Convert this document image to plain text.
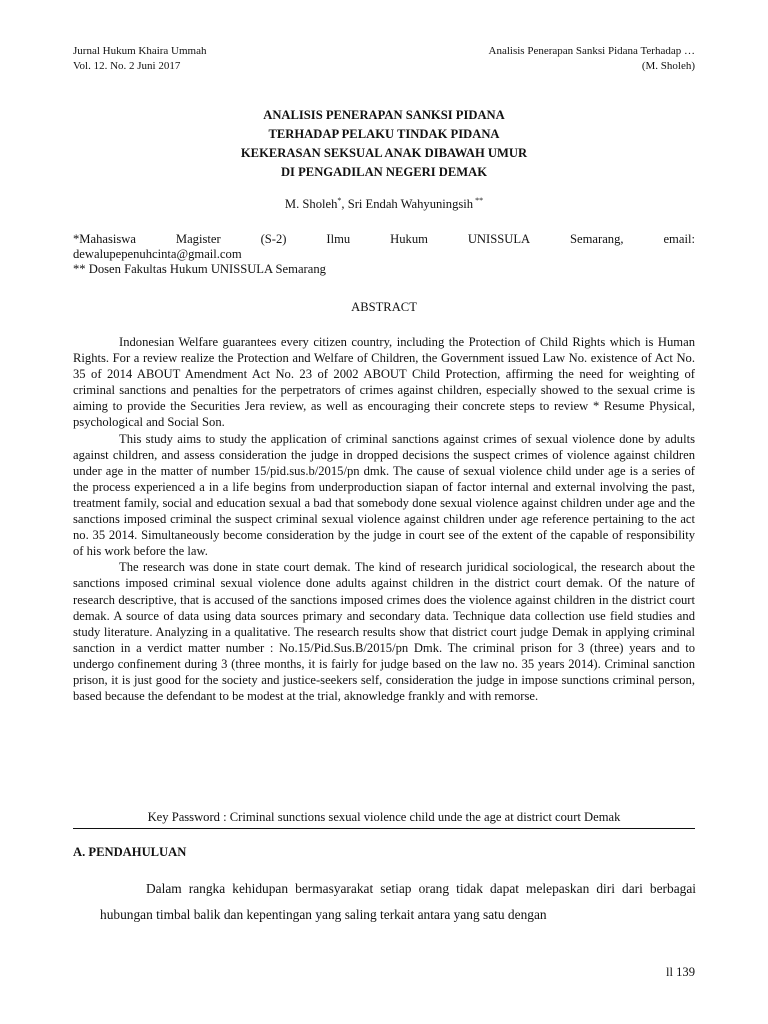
Jurnal Hukum Khaira Ummah
Vol. 12. No. 2 Juni 2017
Analisis Penerapan Sanksi Pidana Terhadap …
(M. Sholeh)
ANALISIS PENERAPAN SANKSI PIDANA
TERHADAP PELAKU TINDAK PIDANA
KEKERASAN SEKSUAL ANAK DIBAWAH UMUR
DI PENGADILAN NEGERI DEMAK
M. Sholeh*, Sri Endah Wahyuningsih **
*Mahasiswa	Magister	(S-2)	Ilmu	Hukum	UNISSULA	Semarang,	email:
dewalupepenuhcinta@gmail.com
** Dosen Fakultas Hukum UNISSULA Semarang
ABSTRACT

Indonesian Welfare guarantees every citizen country, including the Protection of Child Rights which is Human Rights. For a review realize the Protection and Welfare of Children, the Government issued Law No. existence of Act No. 35 of 2014 ABOUT Amendment Act No. 23 of 2002 ABOUT Child Protection, affirming the need for weighting of criminal sanctions and penalties for the perpetrators of crimes against children, especially showed to the sexual crime is aiming to provide the Securities Jera review, as well as encouraging their concrete steps to review * Resume Physical, psychological and Social Son.

This study aims to study the application of criminal sanctions against crimes of sexual violence done by adults against children, and assess consideration the judge in dropped decisions the suspect crimes of violence against children under age in the matter of number 15/pid.sus.b/2015/pn dmk. The cause of sexual violence child under age is a series of the process experienced a in a life begins from underproduction siapan of factor internal and external involving the past, treatment family, social and education sexual a bad that somebody done sexual violence against children under age and the sanctions imposed criminal the suspect criminal sexual violence against children under age reference pertaining to the act no. 35 2014. Simultaneously become consideration by the judge in court see of the extent of the capable of responsibility of his work before the law.

The research was done in state court demak. The kind of research juridical sociological, the research about the sanctions imposed criminal sexual violence done adults against children in the district court demak. Of the nature of research descriptive, that is accused of the sanctions imposed crimes does the violence against children in the district court demak. A source of data using data sources primary and secondary data. Technique data collection use field studies and study literature. Analyzing in a qualitative. The research results show that district court judge Demak in applying criminal sanction in a verdict matter number : No.15/Pid.Sus.B/2015/pn Dmk. The criminal prison for 3 (three) years and to undergo confinement during 3 (three months, it is fairly for judge based on the law no. 35 years 2014). Criminal sanction prison, it is just good for the society and justice-seekers self, consideration the judge in impose sunctions criminal person, based because the defendant to be modest at the trial, aknowledge frankly and with remorse.

Key Password : Criminal sunctions sexual violence child unde the age at district court Demak
A. PENDAHULUAN

Dalam rangka kehidupan bermasyarakat setiap orang tidak dapat melepaskan diri dari berbagai hubungan timbal balik dan kepentingan yang saling terkait antara yang satu dengan

ll 139
